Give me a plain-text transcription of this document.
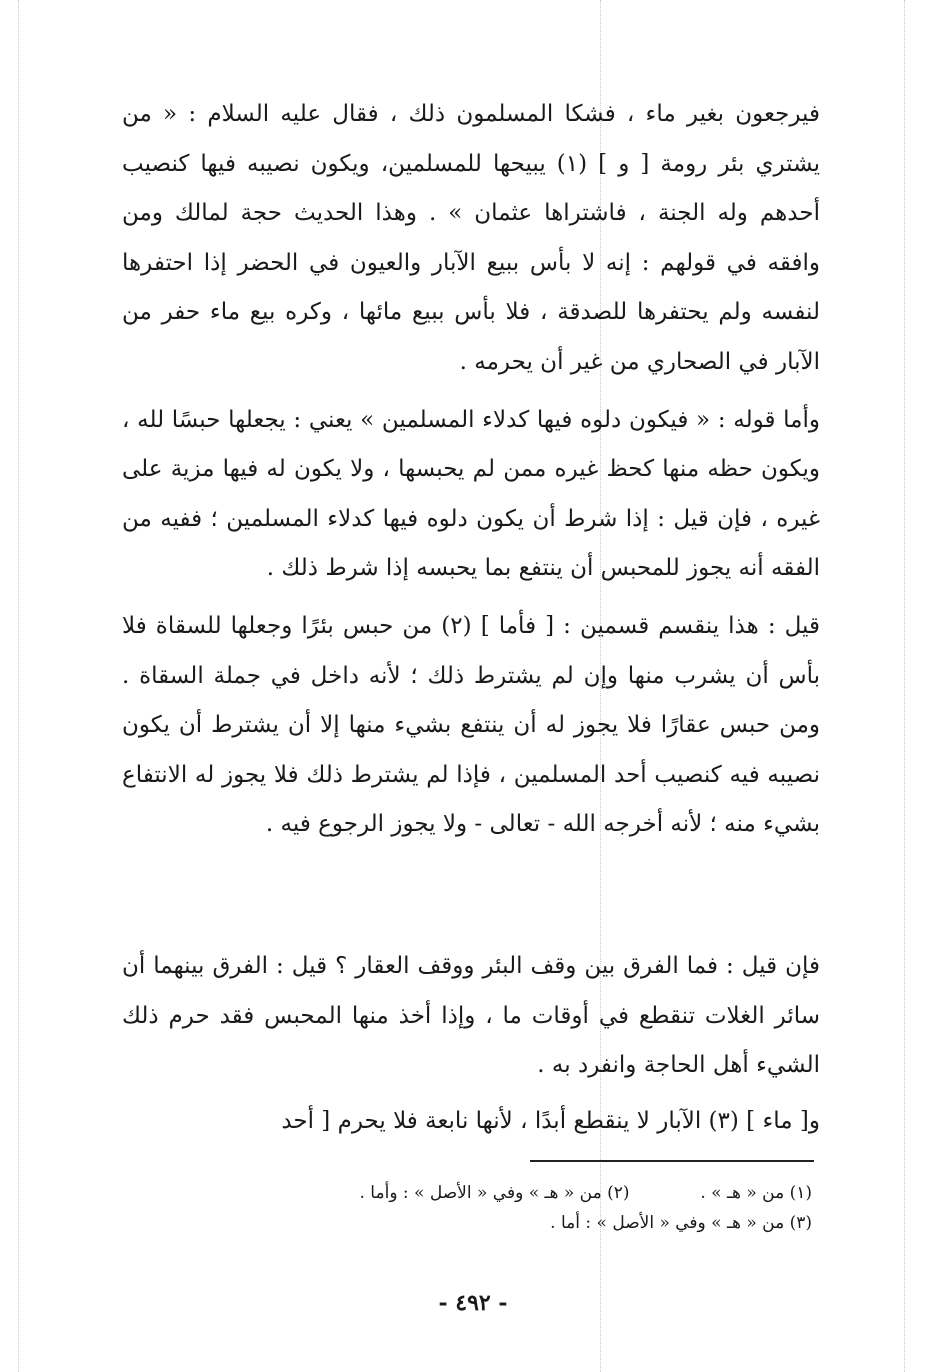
فيرجعون بغير ماء ، فشكا المسلمون ذلك ، فقال عليه السلام : « من يشتري بئر رومة [ و ] (١) يبيحها للمسلمين، ويكون نصيبه فيها كنصيب أحدهم وله الجنة ، فاشتراها عثمان » . وهذا الحديث حجة لمالك ومن وافقه في قولهم : إنه لا بأس ببيع الآبار والعيون في الحضر إذا احتفرها لنفسه ولم يحتفرها للصدقة ، فلا بأس ببيع مائها ، وكره بيع ماء حفر من الآبار في الصحاري من غير أن يحرمه .

وأما قوله : « فيكون دلوه فيها كدلاء المسلمين » يعني : يجعلها حبسًا لله ، ويكون حظه منها كحظ غيره ممن لم يحبسها ، ولا يكون له فيها مزية على غيره ، فإن قيل : إذا شرط أن يكون دلوه فيها كدلاء المسلمين ؛ ففيه من الفقه أنه يجوز للمحبس أن ينتفع بما يحبسه إذا شرط ذلك .

قيل : هذا ينقسم قسمين : [ فأما ] (٢) من حبس بئرًا وجعلها للسقاة فلا بأس أن يشرب منها وإن لم يشترط ذلك ؛ لأنه داخل في جملة السقاة . ومن حبس عقارًا فلا يجوز له أن ينتفع بشيء منها إلا أن يشترط أن يكون نصيبه فيه كنصيب أحد المسلمين ، فإذا لم يشترط ذلك فلا يجوز له الانتفاع بشيء منه ؛ لأنه أخرجه الله - تعالى - ولا يجوز الرجوع فيه .

فإن قيل : فما الفرق بين وقف البئر ووقف العقار ؟ قيل : الفرق بينهما أن سائر الغلات تنقطع في أوقات ما ، وإذا أخذ منها المحبس فقد حرم ذلك الشيء أهل الحاجة وانفرد به .

و[ ماء ] (٣) الآبار لا ينقطع أبدًا ، لأنها نابعة فلا يحرم [ أحد

(١) من « هـ » .  (٢) من « هـ » وفي « الأصل » : وأما .
(٣) من « هـ » وفي « الأصل » : أما .
- ٤٩٢ -
